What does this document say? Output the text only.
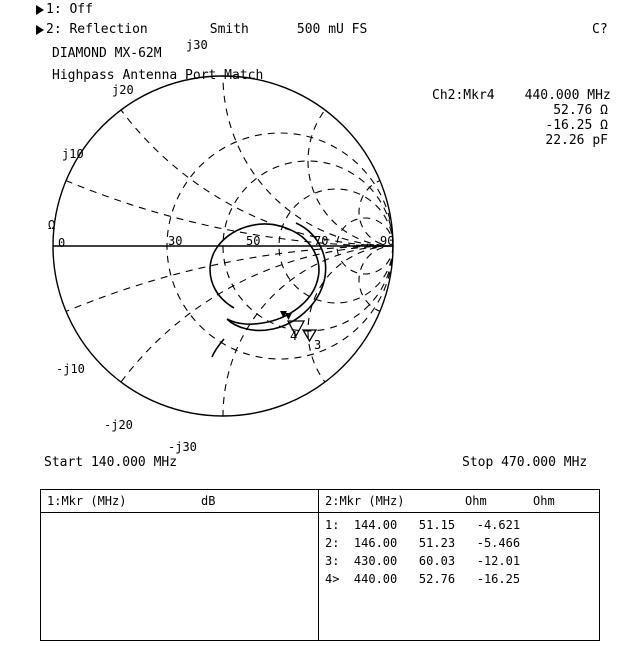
1: Off
2: Reflection	Smith	500 mU FS	C?
DIAMOND MX-62M
Highpass Antenna Port Match
4
3
j30
j20
j10
-j10
-j20
-j30
Ω
0	30	50	70	90
Ch2:Mkr4 440.000 MHz
52.76 Ω
-16.25 Ω
22.26 pF
Start 140.000 MHz	Stop 470.000 MHz
1:Mkr (MHz)	dB	2:Mkr (MHz)	Ohm	Ohm
1:  144.00   51.15   -4.621
2:  146.00   51.23   -5.466
3:  430.00   60.03   -12.01
4>  440.00   52.76   -16.25
